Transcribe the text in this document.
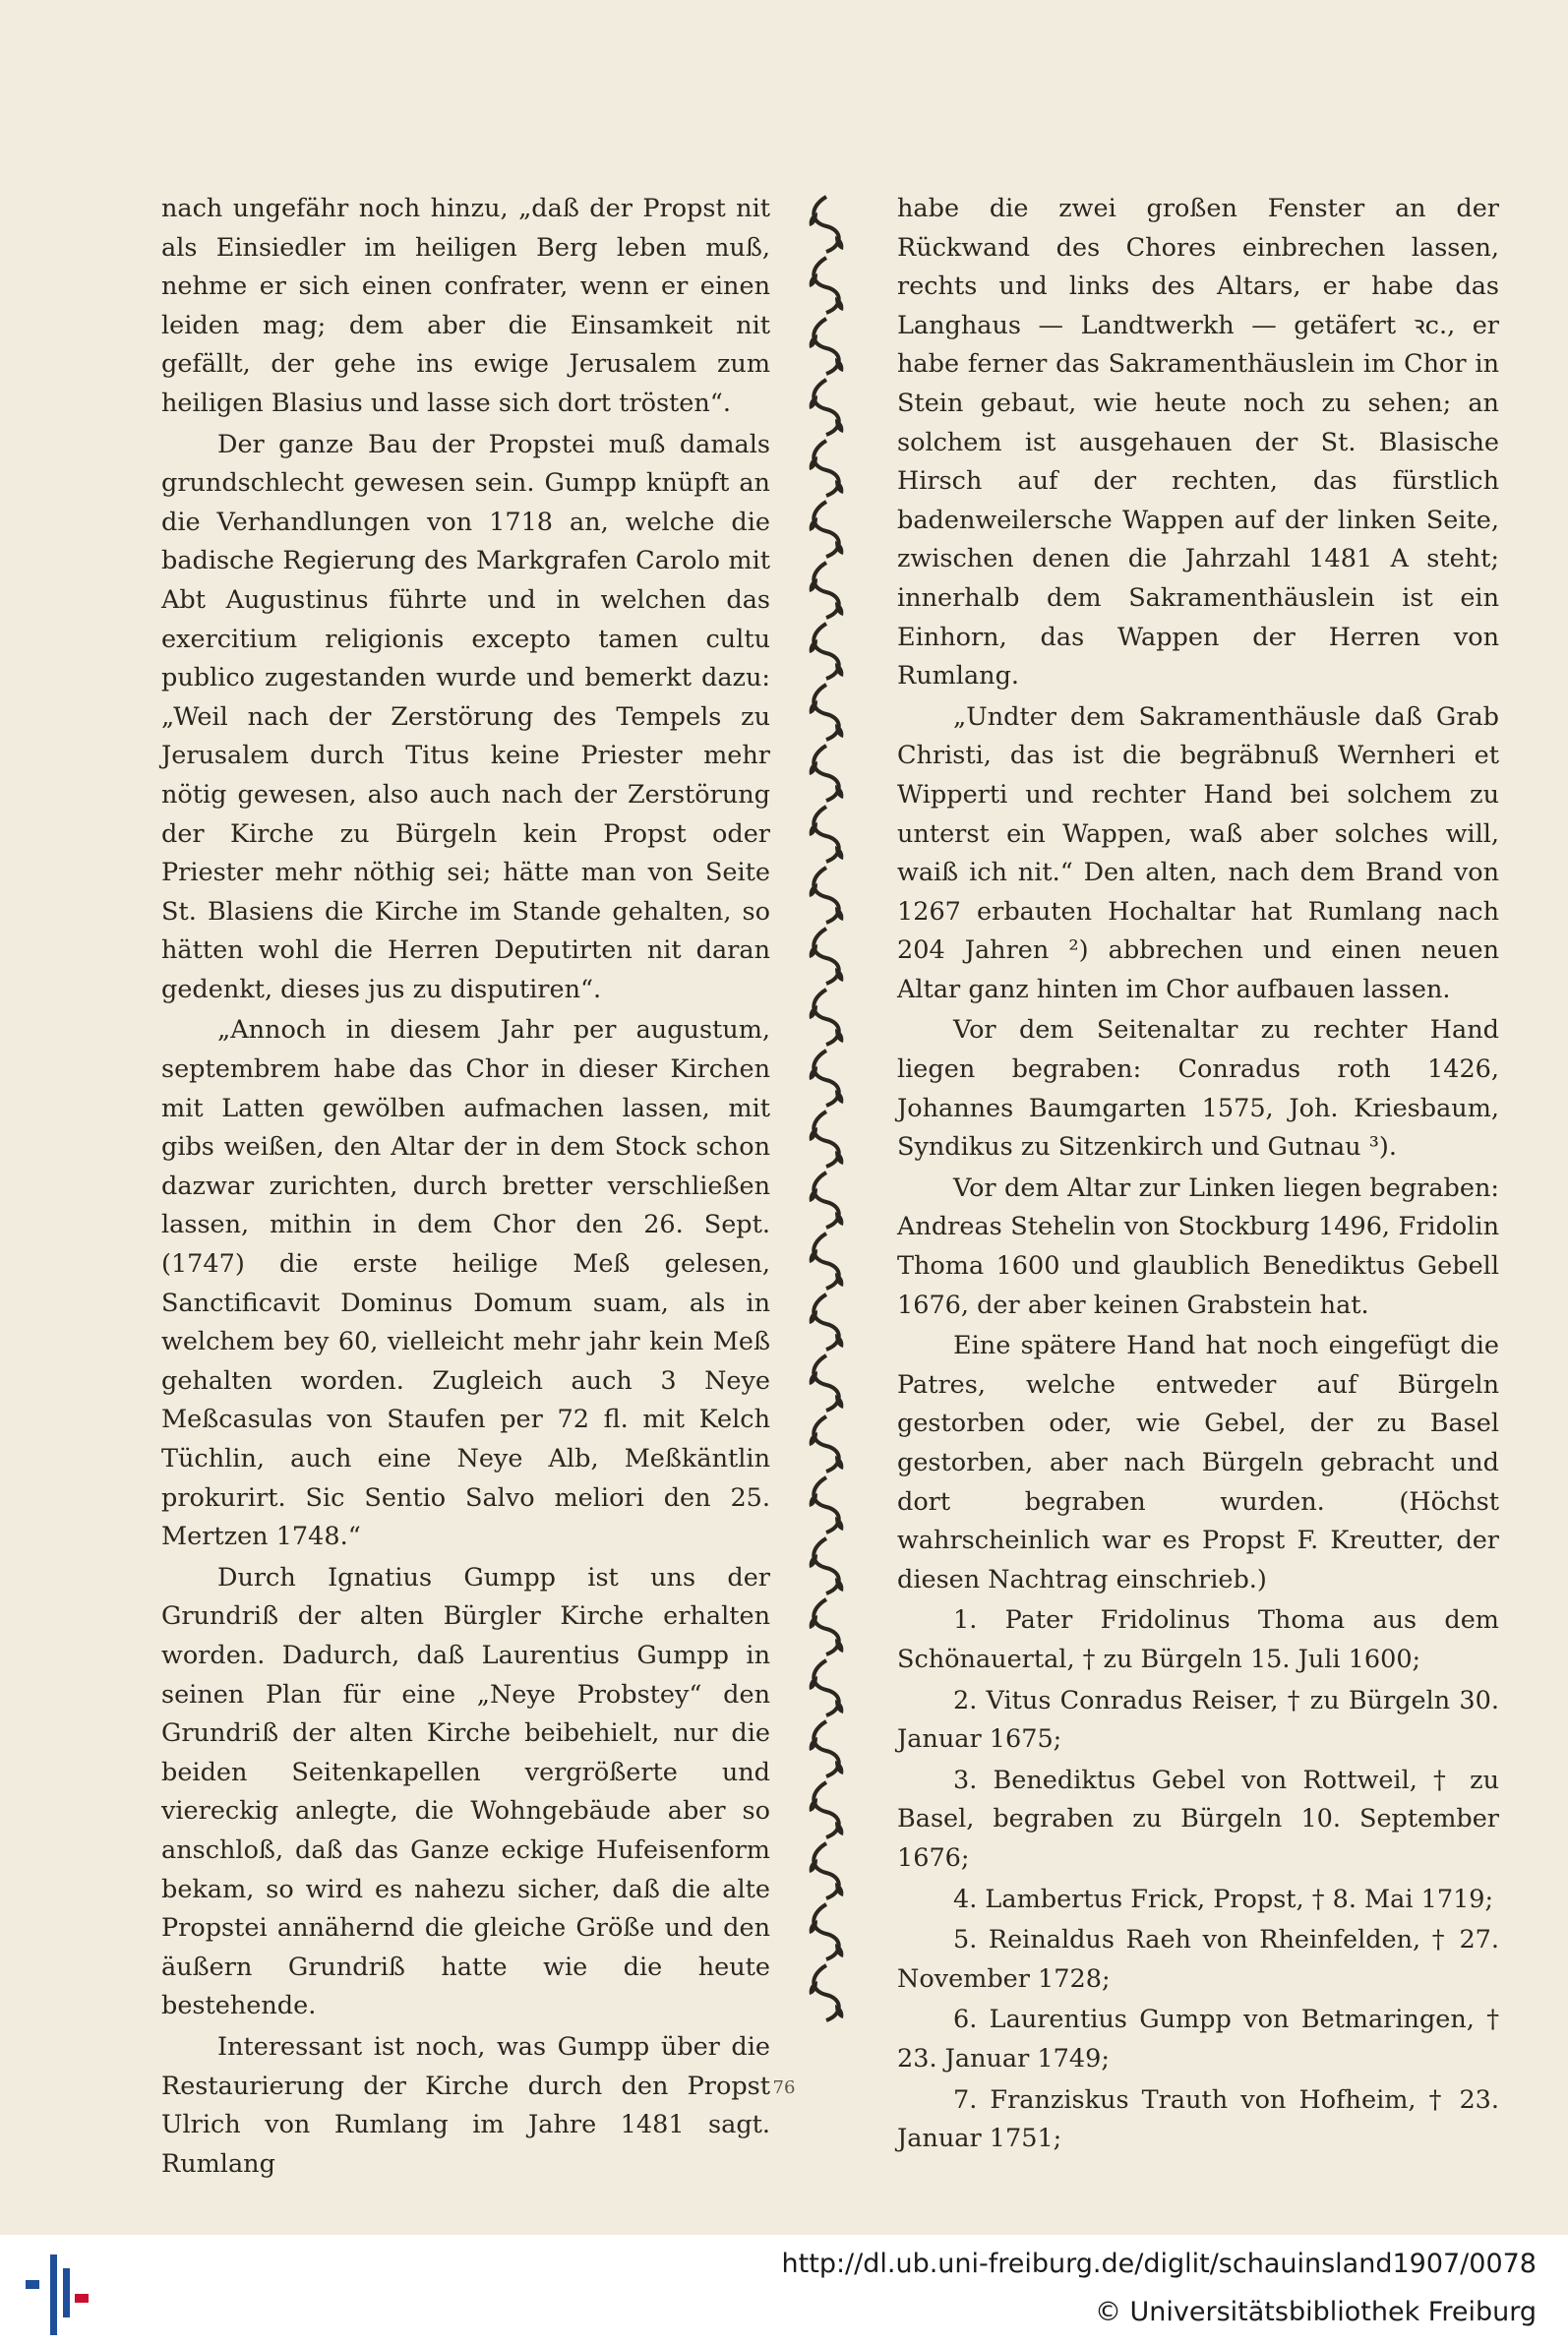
nach ungefähr noch hinzu, „daß der Propst nit als Einsiedler im heiligen Berg leben muß, nehme er sich einen confrater, wenn er einen leiden mag; dem aber die Einsamkeit nit gefällt, der gehe ins ewige Jerusalem zum heiligen Blasius und lasse sich dort trösten“.

Der ganze Bau der Propstei muß damals grundschlecht gewesen sein. Gumpp knüpft an die Verhandlungen von 1718 an, welche die badische Regierung des Markgrafen Carolo mit Abt Augustinus führte und in welchen das exercitium religionis excepto tamen cultu publico zugestanden wurde und bemerkt dazu: „Weil nach der Zerstörung des Tempels zu Jerusalem durch Titus keine Priester mehr nötig gewesen, also auch nach der Zerstörung der Kirche zu Bürgeln kein Propst oder Priester mehr nöthig sei; hätte man von Seite St. Blasiens die Kirche im Stande gehalten, so hätten wohl die Herren Deputirten nit daran gedenkt, dieses jus zu disputiren“.

„Annoch in diesem Jahr per augustum, septembrem habe das Chor in dieser Kirchen mit Latten gewölben aufmachen lassen, mit gibs weißen, den Altar der in dem Stock schon dazwar zurichten, durch bretter verschließen lassen, mithin in dem Chor den 26. Sept. (1747) die erste heilige Meß gelesen, Sanctificavit Dominus Domum suam, als in welchem bey 60, vielleicht mehr jahr kein Meß gehalten worden. Zugleich auch 3 Neye Meßcasulas von Staufen per 72 fl. mit Kelch Tüchlin, auch eine Neye Alb, Meßkäntlin prokurirt. Sic Sentio Salvo meliori den 25. Mertzen 1748.“

Durch Ignatius Gumpp ist uns der Grundriß der alten Bürgler Kirche erhalten worden. Dadurch, daß Laurentius Gumpp in seinen Plan für eine „Neye Probstey“ den Grundriß der alten Kirche beibehielt, nur die beiden Seitenkapellen vergrößerte und viereckig anlegte, die Wohngebäude aber so anschloß, daß das Ganze eckige Hufeisenform bekam, so wird es nahezu sicher, daß die alte Propstei annähernd die gleiche Größe und den äußern Grundriß hatte wie die heute bestehende.

Interessant ist noch, was Gumpp über die Restaurierung der Kirche durch den Propst Ulrich von Rumlang im Jahre 1481 sagt. Rumlang

habe die zwei großen Fenster an der Rückwand des Chores einbrechen lassen, rechts und links des Altars, er habe das Langhaus — Landtwerkh — getäfert ꝛc., er habe ferner das Sakramenthäuslein im Chor in Stein gebaut, wie heute noch zu sehen; an solchem ist ausgehauen der St. Blasische Hirsch auf der rechten, das fürstlich badenweilersche Wappen auf der linken Seite, zwischen denen die Jahrzahl 1481 A steht; innerhalb dem Sakramenthäuslein ist ein Einhorn, das Wappen der Herren von Rumlang.

„Undter dem Sakramenthäusle daß Grab Christi, das ist die begräbnuß Wernheri et Wipperti und rechter Hand bei solchem zu unterst ein Wappen, waß aber solches will, waiß ich nit.“ Den alten, nach dem Brand von 1267 erbauten Hochaltar hat Rumlang nach 204 Jahren ²) abbrechen und einen neuen Altar ganz hinten im Chor aufbauen lassen.

Vor dem Seitenaltar zu rechter Hand liegen begraben: Conradus roth 1426, Johannes Baumgarten 1575, Joh. Kriesbaum, Syndikus zu Sitzenkirch und Gutnau ³).

Vor dem Altar zur Linken liegen begraben: Andreas Stehelin von Stockburg 1496, Fridolin Thoma 1600 und glaublich Benediktus Gebell 1676, der aber keinen Grabstein hat.

Eine spätere Hand hat noch eingefügt die Patres, welche entweder auf Bürgeln gestorben oder, wie Gebel, der zu Basel gestorben, aber nach Bürgeln gebracht und dort begraben wurden. (Höchst wahrscheinlich war es Propst F. Kreutter, der diesen Nachtrag einschrieb.)

1. Pater Fridolinus Thoma aus dem Schönauertal, † zu Bürgeln 15. Juli 1600;

2. Vitus Conradus Reiser, † zu Bürgeln 30. Januar 1675;

3. Benediktus Gebel von Rottweil, † zu Basel, begraben zu Bürgeln 10. September 1676;

4. Lambertus Frick, Propst, † 8. Mai 1719;

5. Reinaldus Raeh von Rheinfelden, † 27. November 1728;

6. Laurentius Gumpp von Betmaringen, † 23. Januar 1749;

7. Franziskus Trauth von Hofheim, † 23. Januar 1751;

76
http://dl.ub.uni-freiburg.de/diglit/schauinsland1907/0078
© Universitätsbibliothek Freiburg
